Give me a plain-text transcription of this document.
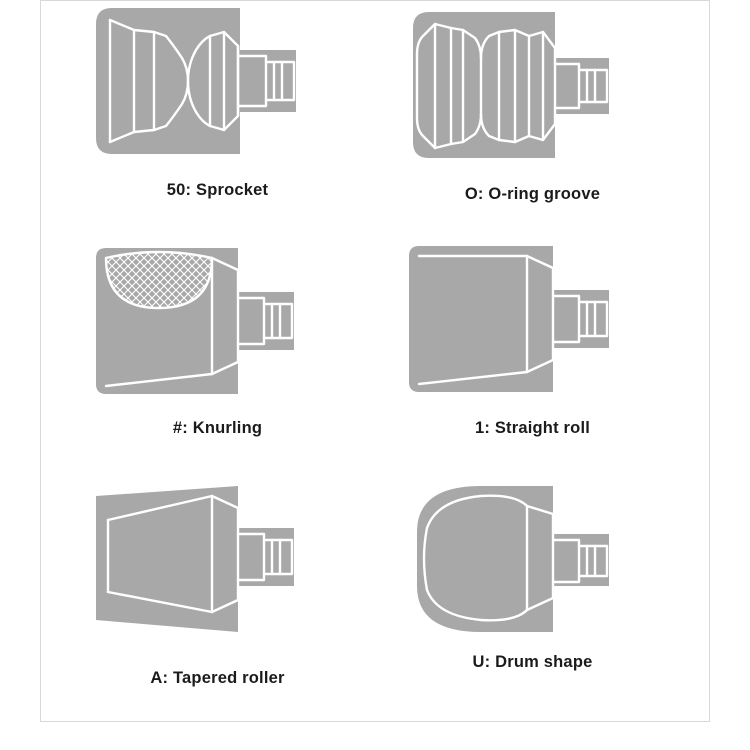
50: Sprocket	O: O-ring groove
#: Knurling	1: Straight roll
A: Tapered roller
U: Drum shape
